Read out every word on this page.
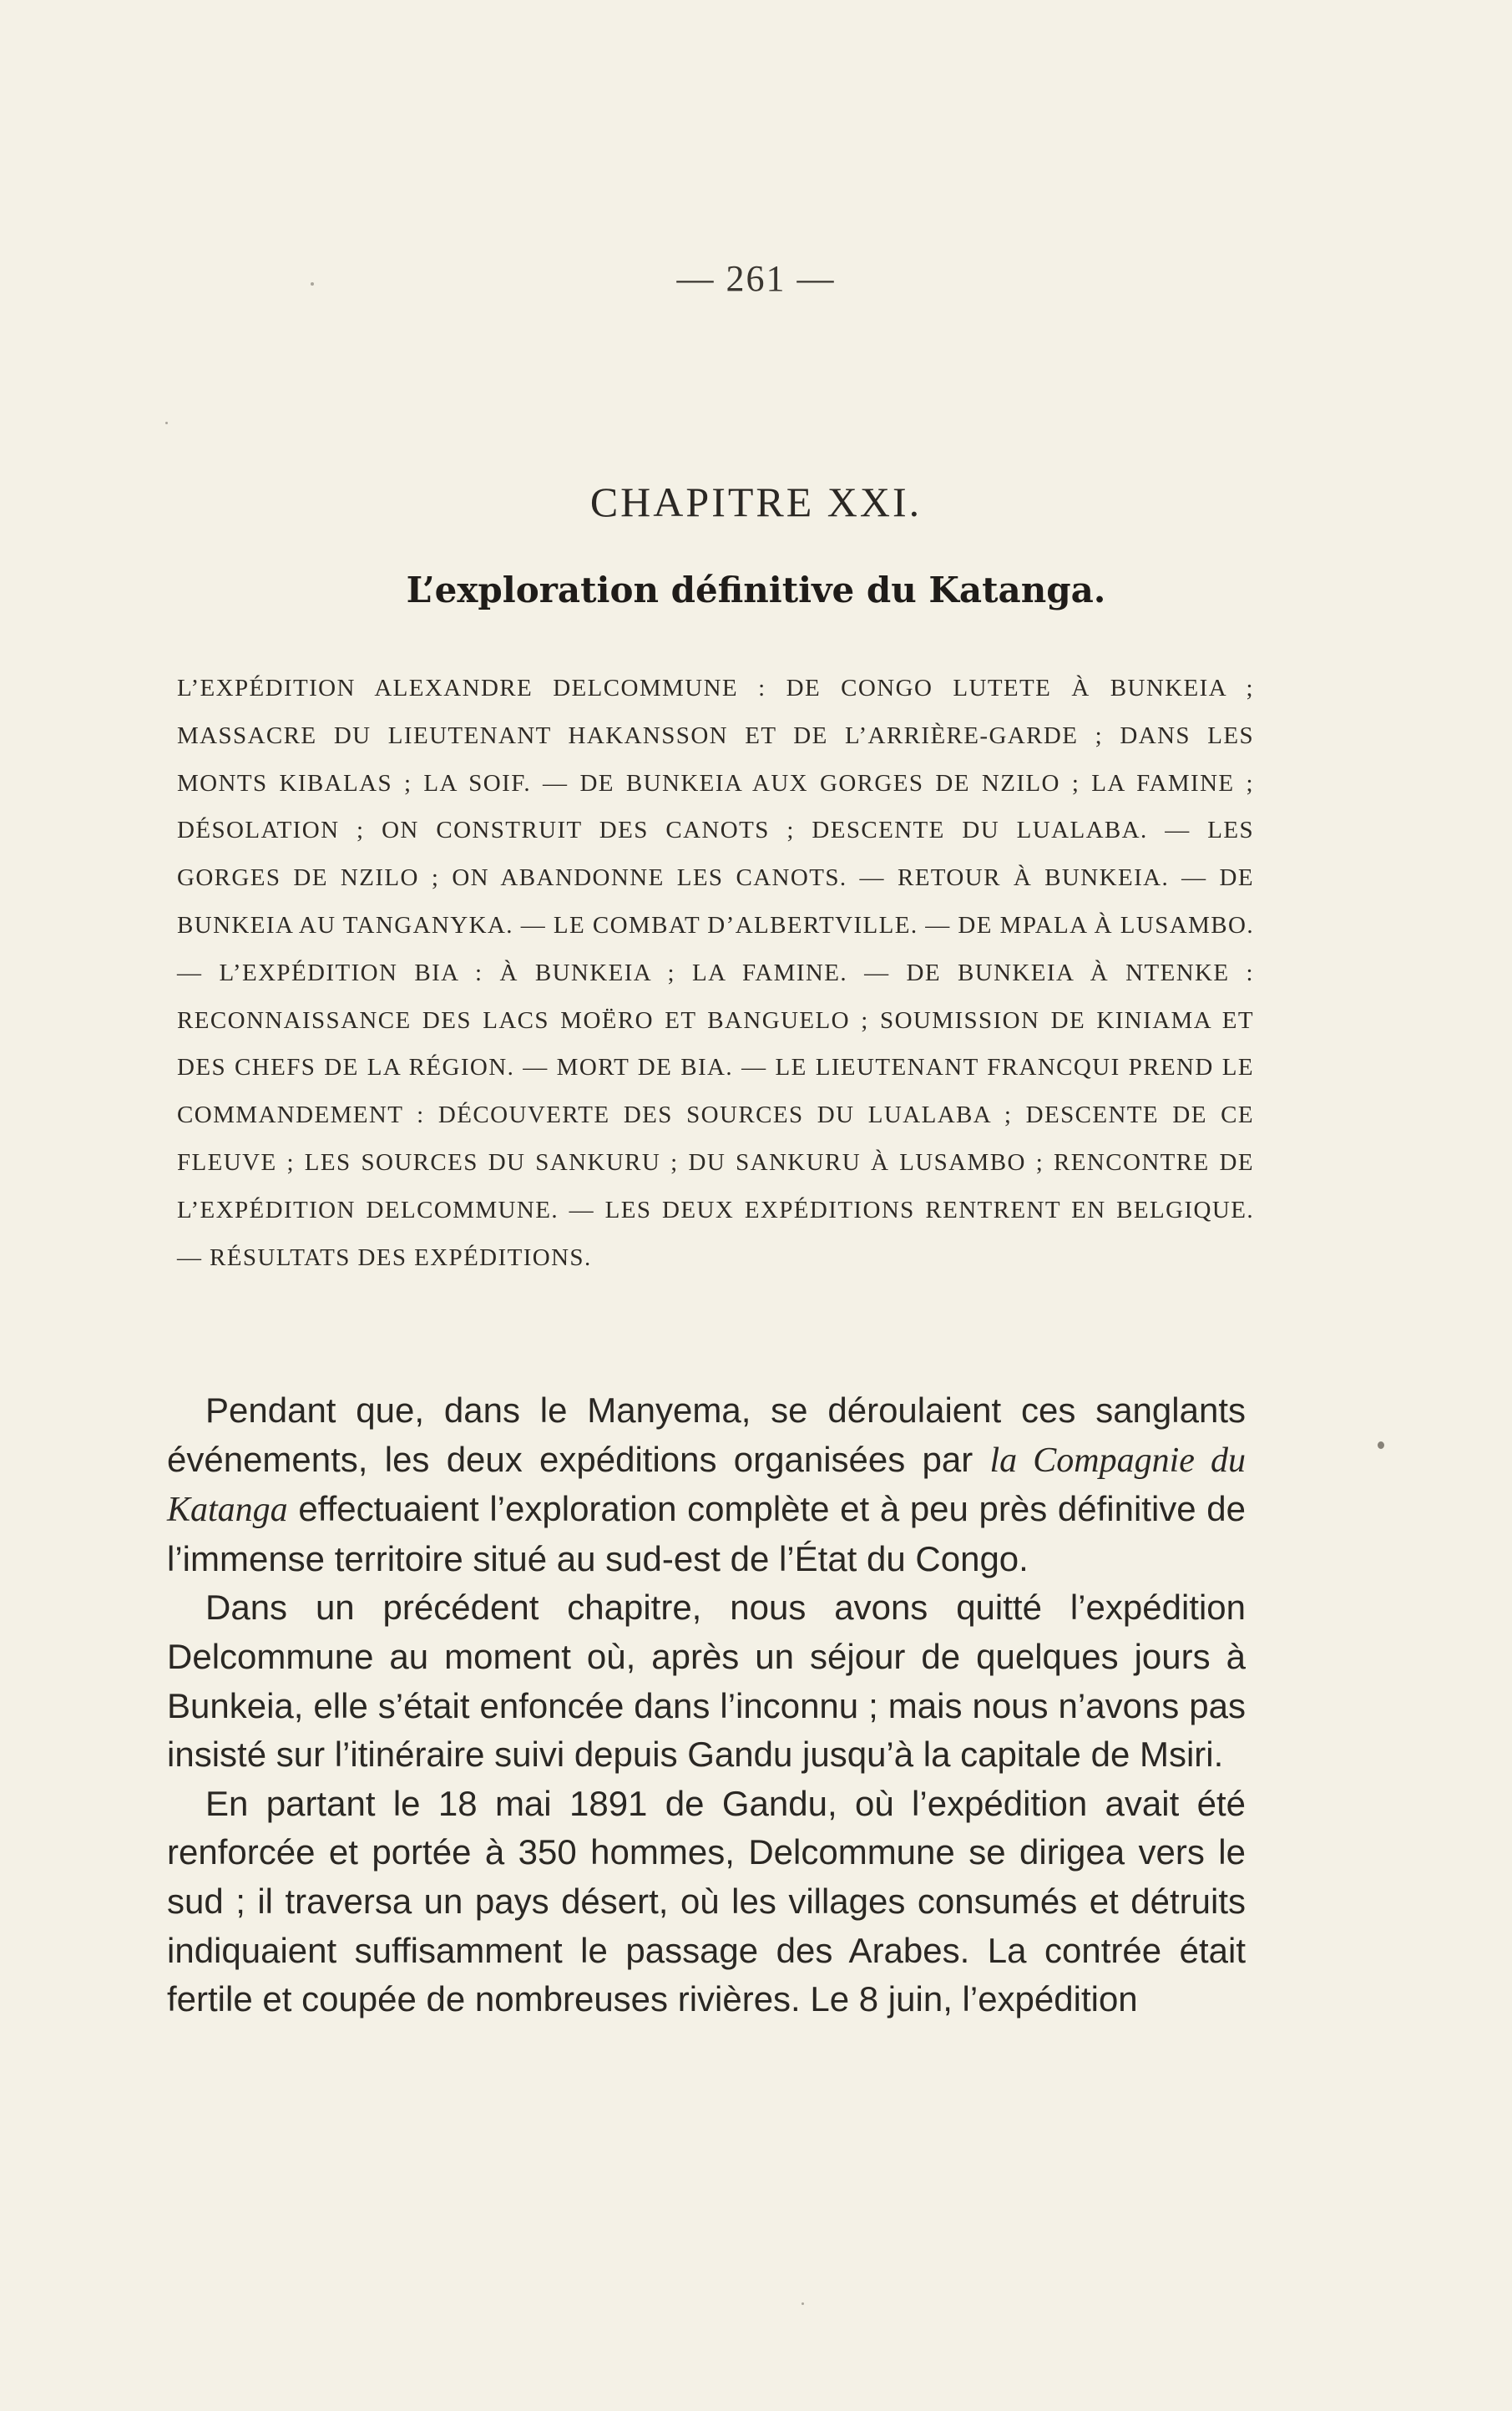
— 261 —
CHAPITRE XXI.
L’exploration définitive du Katanga.
L’EXPÉDITION ALEXANDRE DELCOMMUNE : DE CONGO LUTETE À BUNKEIA ; MASSACRE DU LIEUTENANT HAKANSSON ET DE L’ARRIÈRE-GARDE ; DANS LES MONTS KIBALAS ; LA SOIF. — DE BUNKEIA AUX GORGES DE NZILO ; LA FAMINE ; DÉSOLATION ; ON CONSTRUIT DES CANOTS ; DESCENTE DU LUALABA. — LES GORGES DE NZILO ; ON ABANDONNE LES CANOTS. — RETOUR À BUNKEIA. — DE BUNKEIA AU TANGANYKA. — LE COMBAT D’ALBERTVILLE. — DE MPALA À LUSAMBO. — L’EXPÉDITION BIA : À BUNKEIA ; LA FAMINE. — DE BUNKEIA À NTENKE : RECONNAISSANCE DES LACS MOËRO ET BANGUELO ; SOUMISSION DE KINIAMA ET DES CHEFS DE LA RÉGION. — MORT DE BIA. — LE LIEUTENANT FRANCQUI PREND LE COMMANDEMENT : DÉCOUVERTE DES SOURCES DU LUALABA ; DESCENTE DE CE FLEUVE ; LES SOURCES DU SANKURU ; DU SANKURU À LUSAMBO ; RENCONTRE DE L’EXPÉDITION DELCOMMUNE. — LES DEUX EXPÉDITIONS RENTRENT EN BELGIQUE. — RÉSULTATS DES EXPÉDITIONS.

Pendant que, dans le Manyema, se déroulaient ces sanglants événements, les deux expéditions organisées par la Compagnie du Katanga effectuaient l’exploration complète et à peu près définitive de l’immense territoire situé au sud-est de l’État du Congo.

Dans un précédent chapitre, nous avons quitté l’expédition Delcommune au moment où, après un séjour de quelques jours à Bunkeia, elle s’était enfoncée dans l’inconnu ; mais nous n’avons pas insisté sur l’itinéraire suivi depuis Gandu jusqu’à la capitale de Msiri.

En partant le 18 mai 1891 de Gandu, où l’expédition avait été renforcée et portée à 350 hommes, Delcommune se dirigea vers le sud ; il traversa un pays désert, où les villages consumés et détruits indiquaient suffisamment le passage des Arabes. La contrée était fertile et coupée de nombreuses rivières. Le 8 juin, l’expédition
